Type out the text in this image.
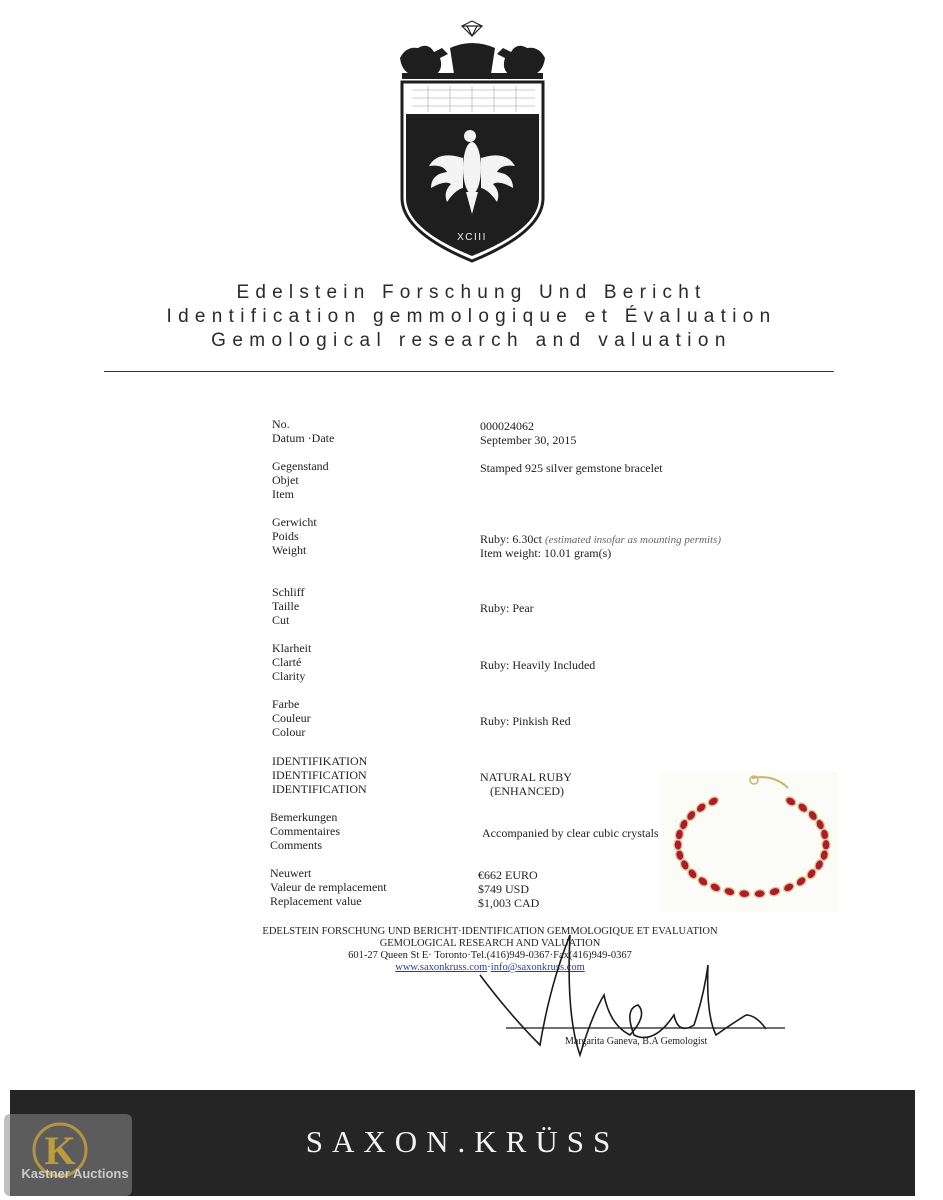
XCIII
Edelstein Forschung Und Bericht
Identification gemmologique et Évaluation
Gemological research and valuation
No.
Datum ·Date
000024062
September 30, 2015
Gegenstand
Objet
Item
Stamped 925 silver gemstone bracelet
Gerwicht
Poids
Weight
Ruby: 6.30ct (estimated insofar as mounting permits)
Item weight: 10.01 gram(s)
Schliff
Taille
Cut
Ruby: Pear
Klarheit
Clarté
Clarity
Ruby: Heavily Included
Farbe
Couleur
Colour
Ruby: Pinkish Red
IDENTIFIKATION
IDENTIFICATION
IDENTIFICATION
NATURAL RUBY
(ENHANCED)
Bemerkungen
Commentaires
Comments
Accompanied by clear cubic crystals
Neuwert
Valeur de remplacement
Replacement value
€662 EURO
$749 USD
$1,003 CAD
EDELSTEIN FORSCHUNG UND BERICHT·IDENTIFICATION GEMMOLOGIQUE ET EVALUATION
GEMOLOGICAL RESEARCH AND VALUATION
601-27 Queen St E· Toronto·Tel.(416)949-0367·Fax(416)949-0367
www.saxonkruss.com·info@saxonkruss.com
Margarita Ganeva, B.A Gemologist
SAXON.KRÜSS
K
Kastner Auctions
